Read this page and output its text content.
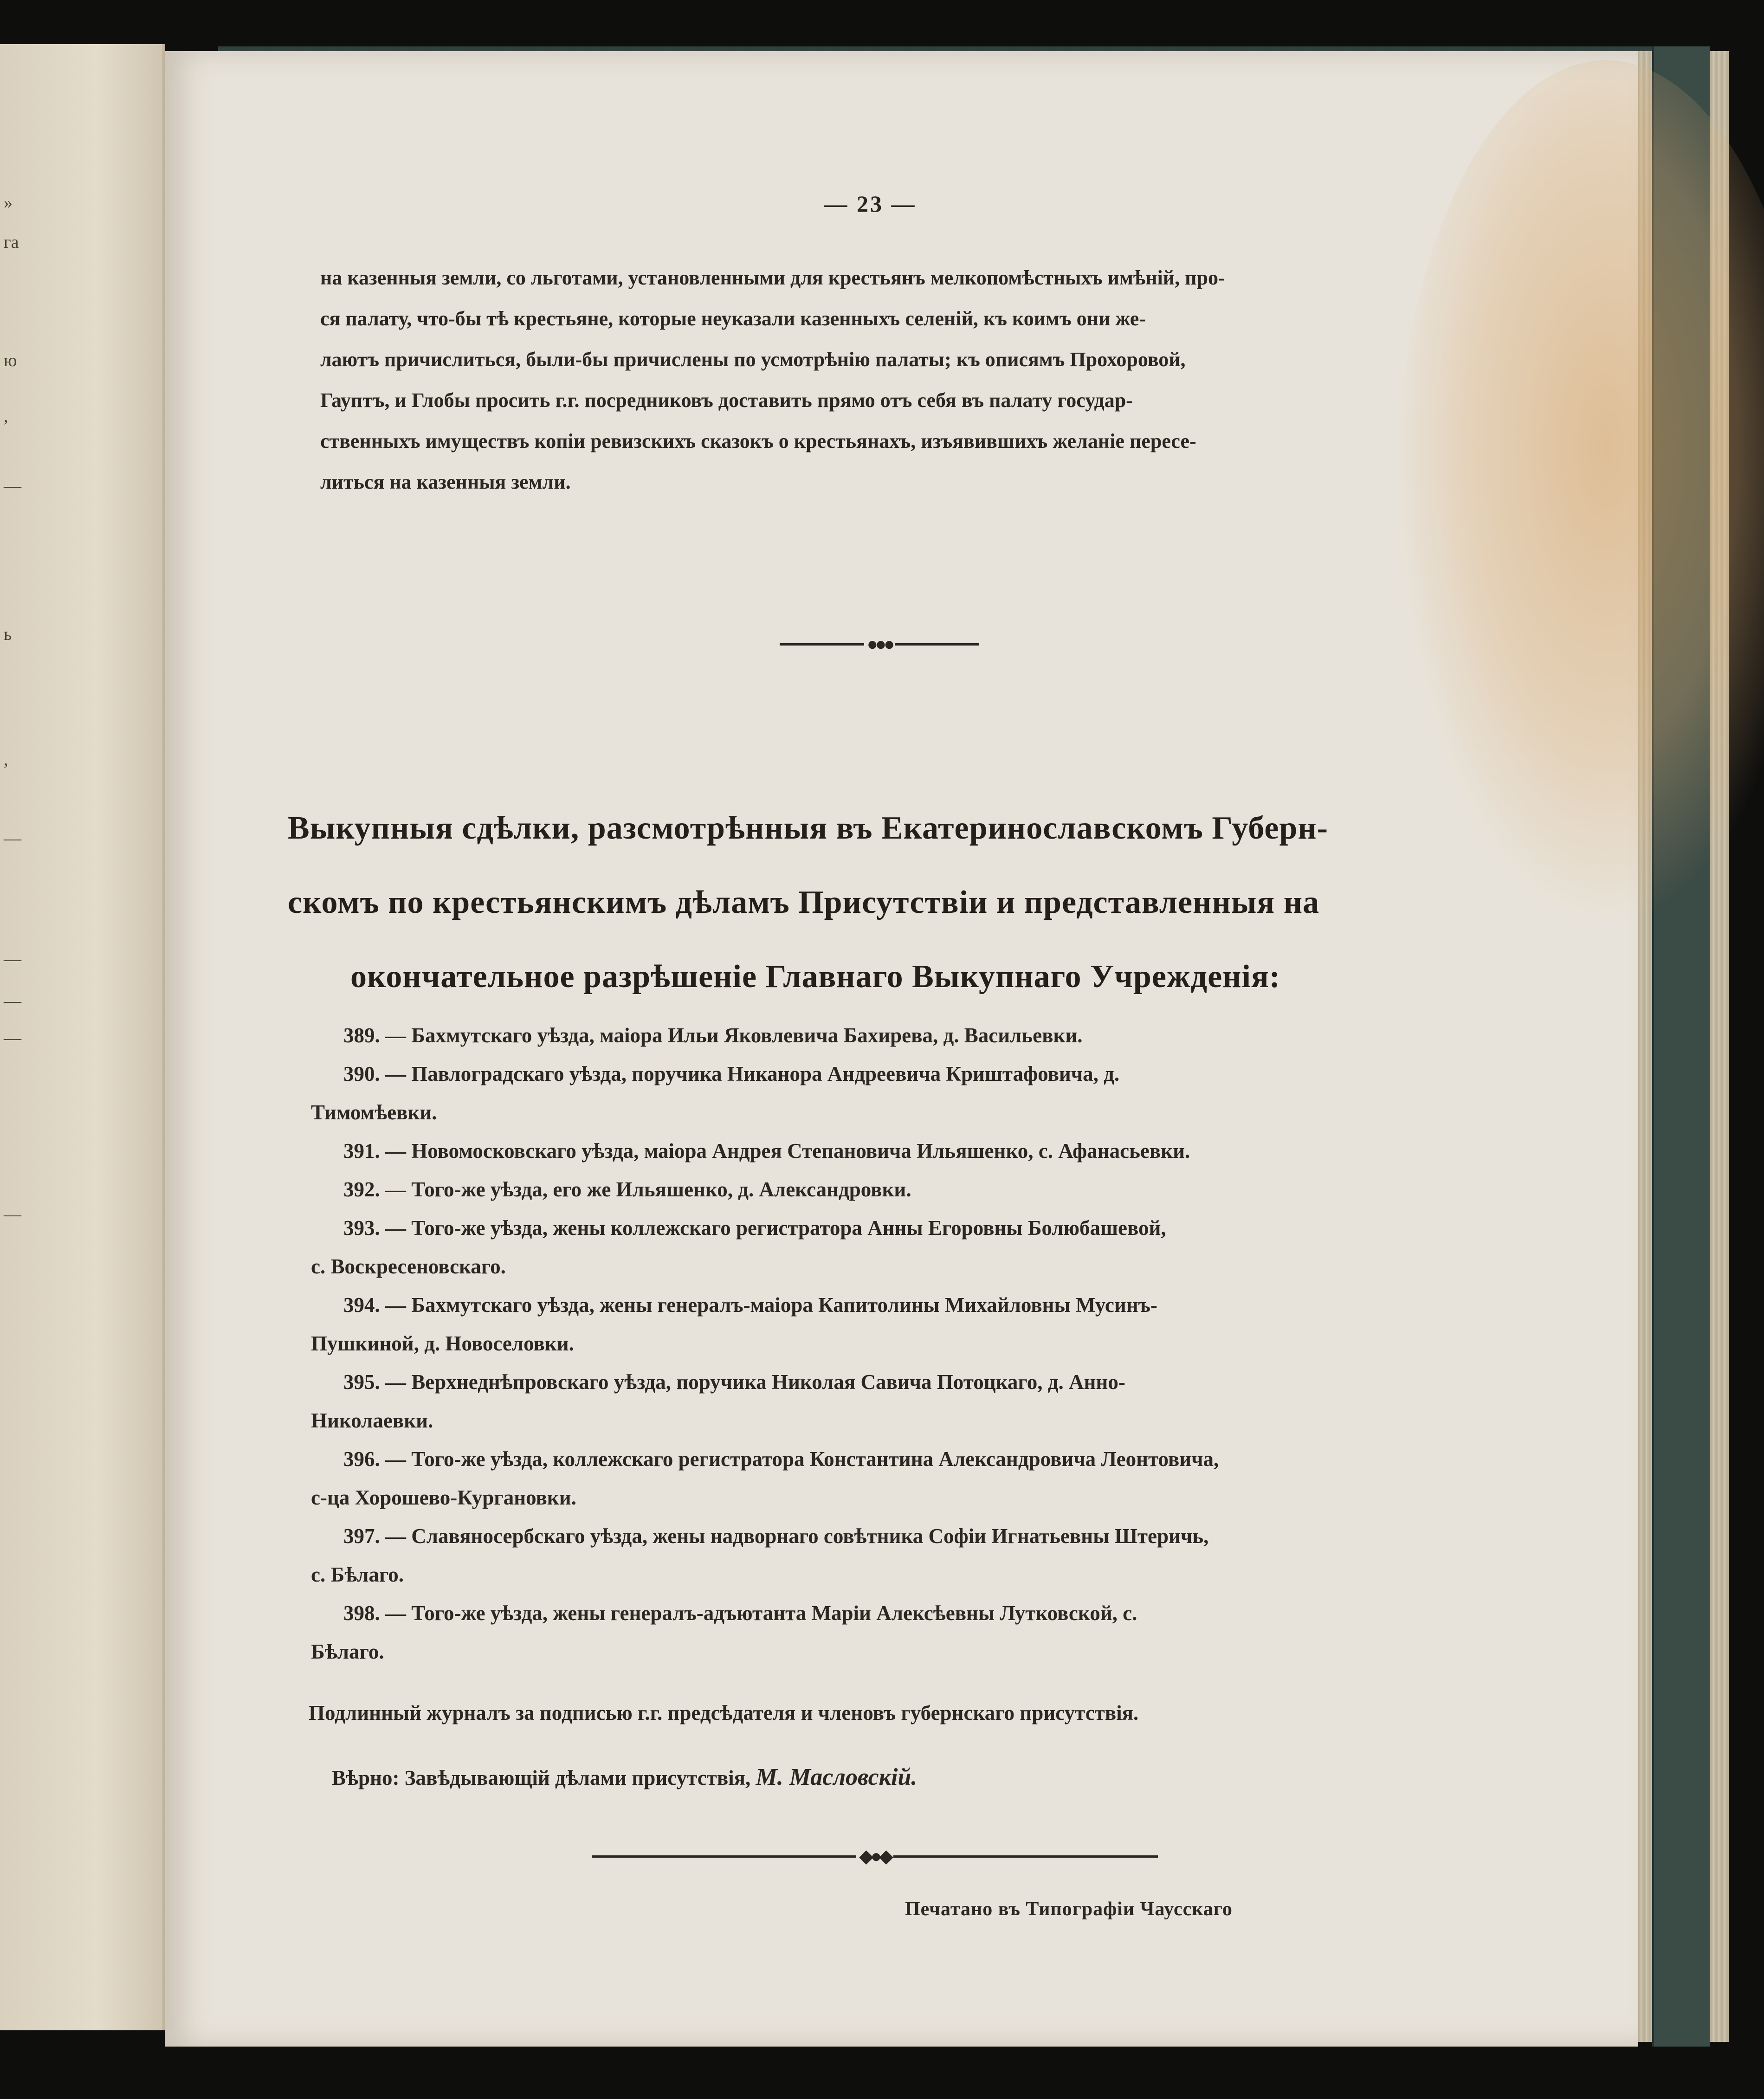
»
га
ю
,
—
ь
,
—
—
—
—
—
— 23 —
на казенныя земли, со льготами, установленными для крестьянъ мелкопомѣстныхъ имѣній, про-
ся палату, что-бы тѣ крестьяне, которые неуказали казенныхъ селеній, къ коимъ они же-
лаютъ причислиться, были-бы причислены по усмотрѣнію палаты; къ описямъ Прохоровой,
Гауптъ, и Глобы просить г.г. посредниковъ доставить прямо отъ себя въ палату государ-
ственныхъ имуществъ копіи ревизскихъ сказокъ о крестьянахъ, изъявившихъ желаніе пересе-
литься на казенныя земли.
●●●
Выкупныя сдѣлки, разсмотрѣнныя въ Екатеринославскомъ Губерн-
скомъ по крестьянскимъ дѣламъ Присутствіи и представленныя на
окончательное разрѣшеніе Главнаго Выкупнаго Учрежденія:
389. — Бахмутскаго уѣзда, маіора Ильи Яковлевича Бахирева, д. Васильевки.
390. — Павлоградскаго уѣзда, поручика Никанора Андреевича Криштафовича, д.
Тимомѣевки.
391. — Новомосковскаго уѣзда, маіора Андрея Степановича Ильяшенко, с. Афанасьевки.
392. — Того-же уѣзда, его же Ильяшенко, д. Александровки.
393. — Того-же уѣзда, жены коллежскаго регистратора Анны Егоровны Болюбашевой,
с. Воскресеновскаго.
394. — Бахмутскаго уѣзда, жены генералъ-маіора Капитолины Михайловны Мусинъ-
Пушкиной, д. Новоселовки.
395. — Верхнеднѣпровскаго уѣзда, поручика Николая Савича Потоцкаго, д. Анно-
Николаевки.
396. — Того-же уѣзда, коллежскаго регистратора Константина Александровича Леонтовича,
с-ца Хорошево-Кургановки.
397. — Славяносербскаго уѣзда, жены надворнаго совѣтника Софіи Игнатьевны Штеричь,
с. Бѣлаго.
398. — Того-же уѣзда, жены генералъ-адъютанта Маріи Алексѣевны Лутковской, с.
Бѣлаго.
Подлинный журналъ за подписью г.г. предсѣдателя и членовъ губернскаго присутствія.
Вѣрно: Завѣдывающій дѣлами присутствія, М. Масловскій.
◆●◆
Печатано въ Типографіи Чаусскаго
